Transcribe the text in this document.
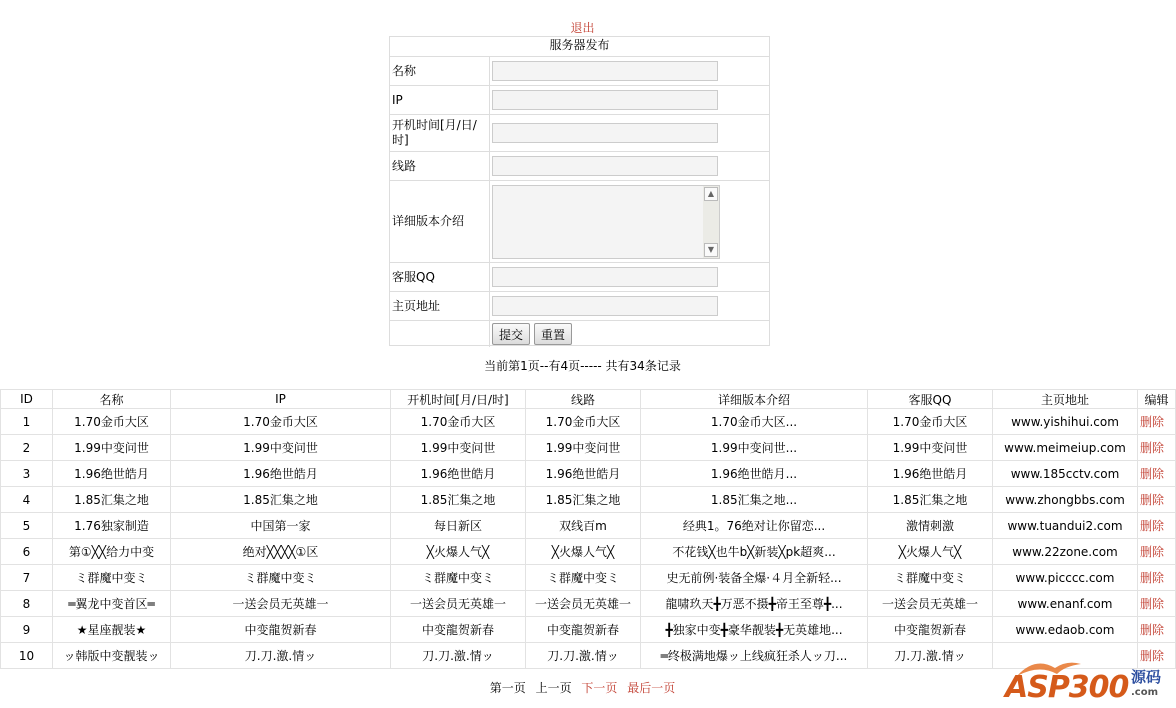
退出
服务器发布
名称
IP
开机时间[月/日/
时]
线路
详细版本介绍
▲
▼
客服QQ
主页地址
提交	重置
当前第1页--有4页----- 共有34条记录
ID	名称	IP	开机时间[月/日/时]	线路	详细版本介绍	客服QQ	主页地址	编辑
1	1.70金币大区	1.70金币大区	1.70金币大区	1.70金币大区	1.70金币大区...	1.70金币大区	www.yishihui.com	删除
2	1.99中变问世	1.99中变问世	1.99中变问世	1.99中变问世	1.99中变问世...	1.99中变问世	www.meimeiup.com	删除
3	1.96绝世皓月	1.96绝世皓月	1.96绝世皓月	1.96绝世皓月	1.96绝世皓月...	1.96绝世皓月	www.185cctv.com	删除
4	1.85汇集之地	1.85汇集之地	1.85汇集之地	1.85汇集之地	1.85汇集之地...	1.85汇集之地	www.zhongbbs.com	删除
5	1.76独家制造	中国第一家	每日新区	双线百m	经典1。76绝对让你留恋...	激情刺激	www.tuandui2.com	删除
6	第①╳╳给力中变	绝对╳╳╳╳①区	╳火爆人气╳	╳火爆人气╳	不花钱╳也牛b╳新装╳pk超爽...	╳火爆人气╳	www.22zone.com	删除
7	ミ群魔中变ミ	ミ群魔中变ミ	ミ群魔中变ミ	ミ群魔中变ミ	史无前例·装备全爆·４月全新轻...	ミ群魔中变ミ	www.picccc.com	删除
8	═翼龙中变首区═	一送会员无英雄一	一送会员无英雄一	一送会员无英雄一	龍啸玖天╋万恶不摄╋帝王至尊╋...	一送会员无英雄一	www.enanf.com	删除
9	★星座靓装★	中变龍贺新春	中变龍贺新春	中变龍贺新春	╋独家中变╋豪华靓装╋无英雄地...	中变龍贺新春	www.edaob.com	删除
10	ッ韩版中变靓装ッ	刀.刀.激.情ッ	刀.刀.激.情ッ	刀.刀.激.情ッ	═终极满地爆ッ上线疯狂杀人ッ刀...	刀.刀.激.情ッ		删除
第一页 上一页 下一页 最后一页	ASP300 源码
.com
